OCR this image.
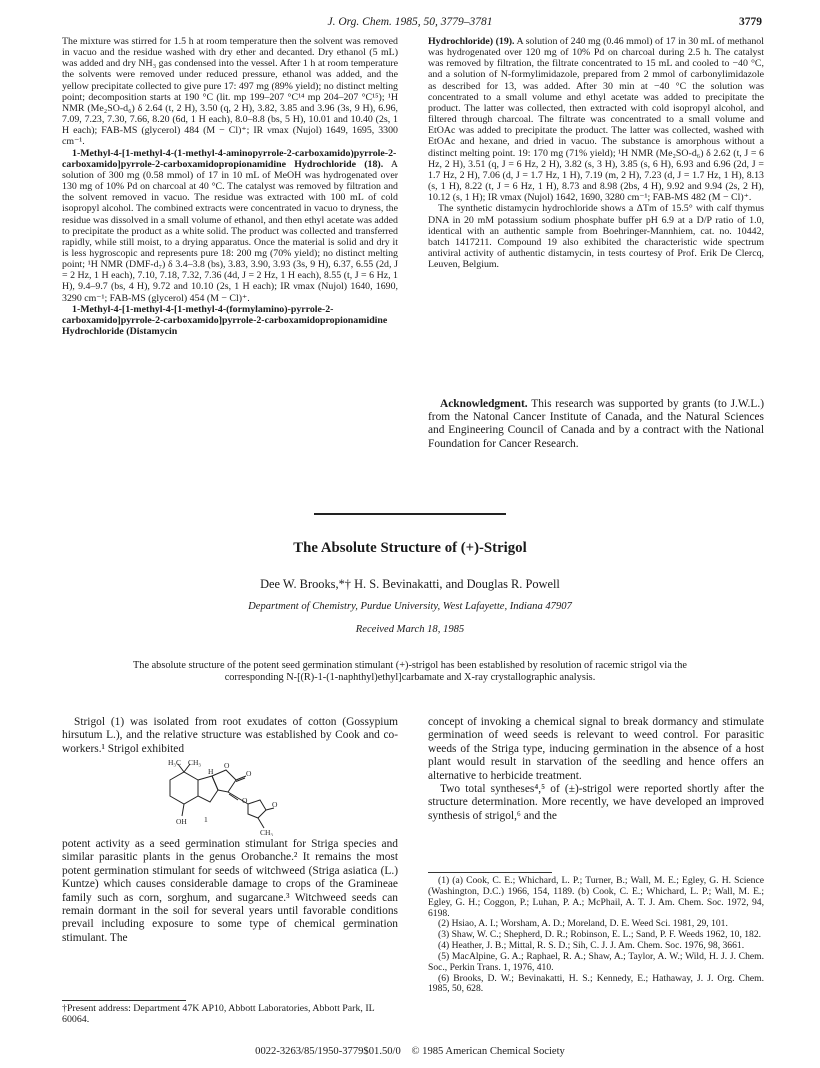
J. Org. Chem. 1985, 50, 3779–3781	3779

The mixture was stirred for 1.5 h at room temperature then the solvent was removed in vacuo and the residue washed with dry ether and decanted. Dry ethanol (5 mL) was added and dry NH₃ gas condensed into the vessel. After 1 h at room temperature the solvents were removed under reduced pressure, ethanol was added, and the yellow precipitate collected to give pure 17: 497 mg (89% yield); no distinct melting point; decomposition starts at 190 °C (lit. mp 199–207 °C¹⁴ mp 204–207 °C¹⁵); ¹H NMR (Me₂SO-d₆) δ 2.64 (t, 2 H), 3.50 (q, 2 H), 3.82, 3.85 and 3.96 (3s, 9 H), 6.96, 7.09, 7.23, 7.30, 7.66, 8.20 (6d, 1 H each), 8.0–8.8 (bs, 5 H), 10.01 and 10.40 (2s, 1 H each); FAB-MS (glycerol) 484 (M − Cl)⁺; IR νmax (Nujol) 1649, 1695, 3300 cm⁻¹.

1-Methyl-4-[1-methyl-4-(1-methyl-4-aminopyrrole-2-carboxamido)pyrrole-2-carboxamido]pyrrole-2-carboxamidopropionamidine Hydrochloride (18). A solution of 300 mg (0.58 mmol) of 17 in 10 mL of MeOH was hydrogenated over 130 mg of 10% Pd on charcoal at 40 °C. The catalyst was removed by filtration and the solvent removed in vacuo. The residue was extracted with 100 mL of cold isopropyl alcohol. The combined extracts were concentrated in vacuo to dryness, the residue was dissolved in a small volume of ethanol, and then ethyl acetate was added to precipitate the product as a white solid. The product was collected and transferred rapidly, while still moist, to a drying apparatus. Once the material is solid and dry it is less hygroscopic and represents pure 18: 200 mg (70% yield); no distinct melting point; ¹H NMR (DMF-d₇) δ 3.4–3.8 (bs), 3.83, 3.90, 3.93 (3s, 9 H), 6.37, 6.55 (2d, J = 2 Hz, 1 H each), 7.10, 7.18, 7.32, 7.36 (4d, J = 2 Hz, 1 H each), 8.55 (t, J = 6 Hz, 1 H), 9.4–9.7 (bs, 4 H), 9.72 and 10.10 (2s, 1 H each); IR νmax (Nujol) 1640, 1690, 3290 cm⁻¹; FAB-MS (glycerol) 454 (M − Cl)⁺.

1-Methyl-4-[1-methyl-4-[1-methyl-4-(formylamino)-pyrrole-2-carboxamido]pyrrole-2-carboxamido]pyrrole-2-carboxamidopropionamidine Hydrochloride (Distamycin

Hydrochloride) (19). A solution of 240 mg (0.46 mmol) of 17 in 30 mL of methanol was hydrogenated over 120 mg of 10% Pd on charcoal during 2.5 h. The catalyst was removed by filtration, the filtrate concentrated to 15 mL and cooled to −40 °C, and a solution of N-formylimidazole, prepared from 2 mmol of carbonylimidazole as described for 13, was added. After 30 min at −40 °C the solution was concentrated to a small volume and ethyl acetate was added to precipitate the product. The latter was collected, then extracted with cold isopropyl alcohol, and filtered through charcoal. The filtrate was concentrated to a small volume and EtOAc was added to precipitate the product. The latter was collected, washed with EtOAc and hexane, and dried in vacuo. The substance is amorphous without a distinct melting point. 19: 170 mg (71% yield); ¹H NMR (Me₂SO-d₆) δ 2.62 (t, J = 6 Hz, 2 H), 3.51 (q, J = 6 Hz, 2 H), 3.82 (s, 3 H), 3.85 (s, 6 H), 6.93 and 6.96 (2d, J = 1.7 Hz, 2 H), 7.06 (d, J = 1.7 Hz, 1 H), 7.19 (m, 2 H), 7.23 (d, J = 1.7 Hz, 1 H), 8.13 (s, 1 H), 8.22 (t, J = 6 Hz, 1 H), 8.73 and 8.98 (2bs, 4 H), 9.92 and 9.94 (2s, 2 H), 10.12 (s, 1 H); IR νmax (Nujol) 1642, 1690, 3280 cm⁻¹; FAB-MS 482 (M − Cl)⁺.

The synthetic distamycin hydrochloride shows a ΔTm of 15.5° with calf thymus DNA in 20 mM potassium sodium phosphate buffer pH 6.9 at a D/P ratio of 1.0, identical with an authentic sample from Boehringer-Mannhiem, cat. no. 10442, batch 1417211. Compound 19 also exhibited the characteristic wide spectrum antiviral activity of authentic distamycin, in tests courtesy of Prof. Erik De Clercq, Leuven, Belgium.

Acknowledgment. This research was supported by grants (to J.W.L.) from the Natonal Cancer Institute of Canada, and the Natural Sciences and Engineering Council of Canada and by a contract with the National Foundation for Cancer Research.
The Absolute Structure of (+)-Strigol
Dee W. Brooks,*† H. S. Bevinakatti, and Douglas R. Powell
Department of Chemistry, Purdue University, West Lafayette, Indiana 47907
Received March 18, 1985
The absolute structure of the potent seed germination stimulant (+)-strigol has been established by resolution of racemic strigol via the corresponding N-[(R)-1-(1-naphthyl)ethyl]carbamate and X-ray crystallographic analysis.

Strigol (1) was isolated from root exudates of cotton (Gossypium hirsutum L.), and the relative structure was established by Cook and co-workers.¹ Strigol exhibited

H₃C CH₃
H
O
O
O	O
OH 1
CH₃

potent activity as a seed germination stimulant for Striga species and similar parasitic plants in the genus Orobanche.² It remains the most potent germination stimulant for seeds of witchweed (Striga asiatica (L.) Kuntze) which causes considerable damage to crops of the Gramineae family such as corn, sorghum, and sugarcane.³ Witchweed seeds can remain dormant in the soil for several years until favorable conditions prevail including exposure to some type of chemical germination stimulant. The

†Present address: Department 47K AP10, Abbott Laboratories, Abbott Park, IL 60064.

concept of invoking a chemical signal to break dormancy and stimulate germination of weed seeds is relevant to weed control. For parasitic weeds of the Striga type, inducing germination in the absence of a host plant would result in starvation of the seedling and hence offers an alternative to herbicide treatment.

Two total syntheses⁴,⁵ of (±)-strigol were reported shortly after the structure determination. More recently, we have developed an improved synthesis of strigol,⁶ and the

(1) (a) Cook, C. E.; Whichard, L. P.; Turner, B.; Wall, M. E.; Egley, G. H. Science (Washington, D.C.) 1966, 154, 1189. (b) Cook, C. E.; Whichard, L. P.; Wall, M. E.; Egley, G. H.; Coggon, P.; Luhan, P. A.; McPhail, A. T. J. Am. Chem. Soc. 1972, 94, 6198.

(2) Hsiao, A. I.; Worsham, A. D.; Moreland, D. E. Weed Sci. 1981, 29, 101.

(3) Shaw, W. C.; Shepherd, D. R.; Robinson, E. L.; Sand, P. F. Weeds 1962, 10, 182.

(4) Heather, J. B.; Mittal, R. S. D.; Sih, C. J. J. Am. Chem. Soc. 1976, 98, 3661.

(5) MacAlpine, G. A.; Raphael, R. A.; Shaw, A.; Taylor, A. W.; Wild, H. J. J. Chem. Soc., Perkin Trans. 1, 1976, 410.

(6) Brooks, D. W.; Bevinakatti, H. S.; Kennedy, E.; Hathaway, J. J. Org. Chem. 1985, 50, 628.

0022-3263/85/1950-3779$01.50/0 © 1985 American Chemical Society
